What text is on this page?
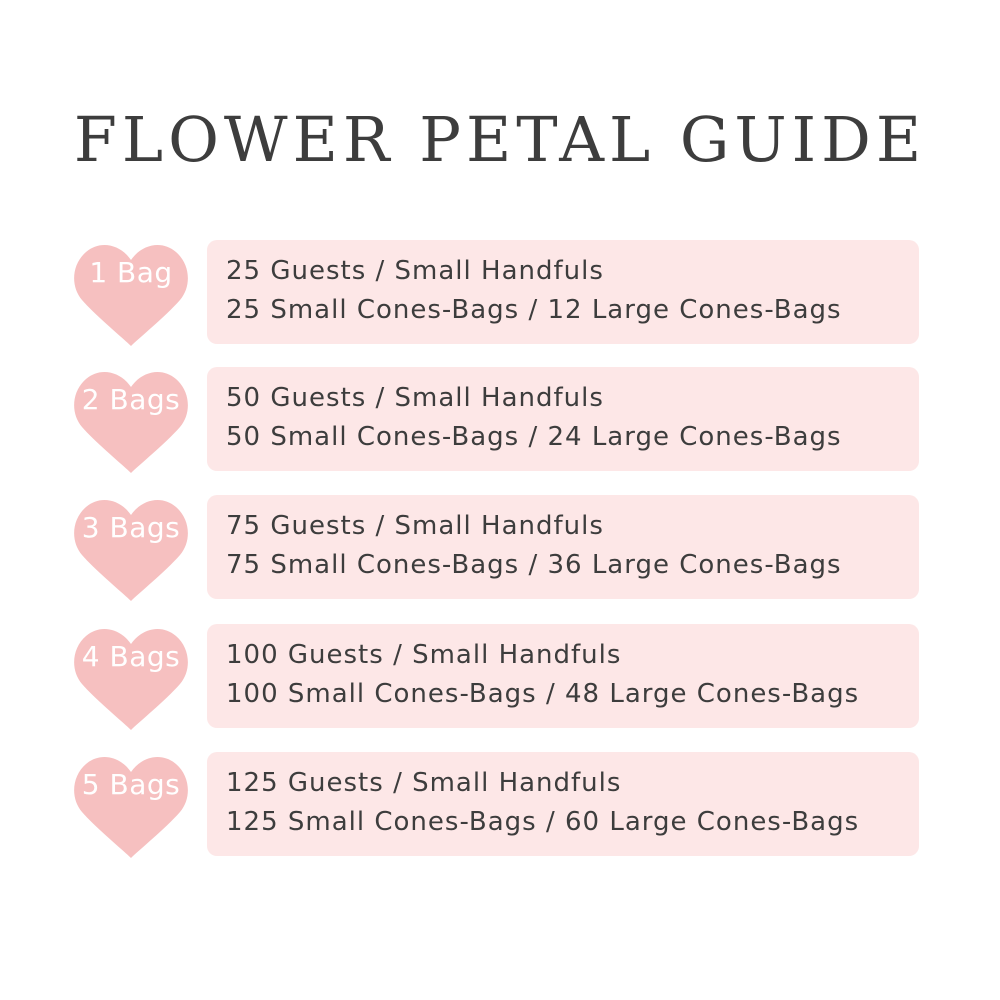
FLOWER PETAL GUIDE
1 Bag	25 Guests / Small Handfuls
25 Small Cones-Bags / 12 Large Cones-Bags
2 Bags	50 Guests / Small Handfuls
50 Small Cones-Bags / 24 Large Cones-Bags
3 Bags	75 Guests / Small Handfuls
75 Small Cones-Bags / 36 Large Cones-Bags
4 Bags	100 Guests / Small Handfuls
100 Small Cones-Bags / 48 Large Cones-Bags
5 Bags	125 Guests / Small Handfuls
125 Small Cones-Bags / 60 Large Cones-Bags
